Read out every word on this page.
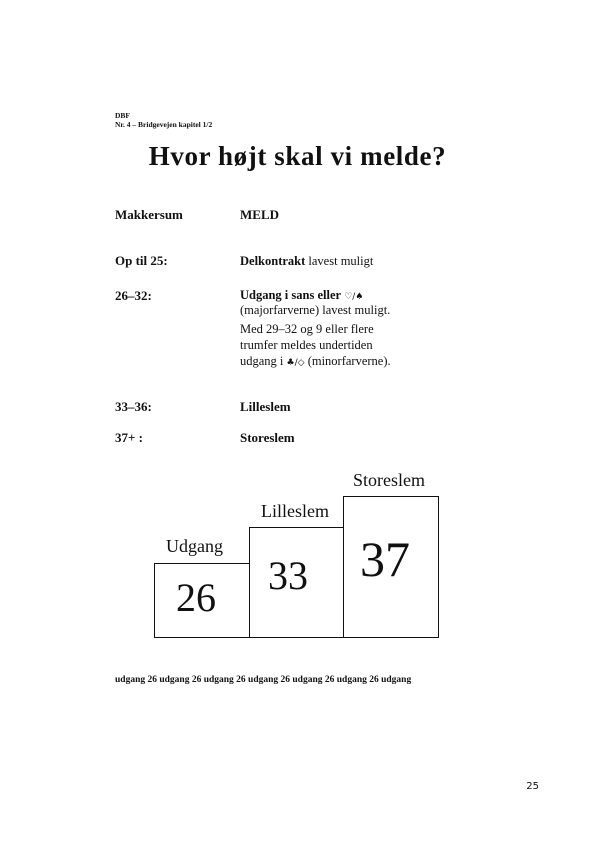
DBF
Nr. 4 – Bridgevejen kapitel 1/2
Hvor højt skal vi melde?
Makkersum	MELD
Op til 25:	Delkontrakt lavest muligt
26–32:	Udgang i sans eller ♡/♠
(majorfarverne) lavest muligt.
Med 29–32 og 9 eller flere
trumfer meldes undertiden
udgang i ♣/◇ (minorfarverne).
33–36:	Lilleslem
37+ :	Storeslem
Udgang
26
Lilleslem
33
Storeslem
37
udgang 26 udgang 26 udgang 26 udgang 26 udgang 26 udgang 26 udgang
25
